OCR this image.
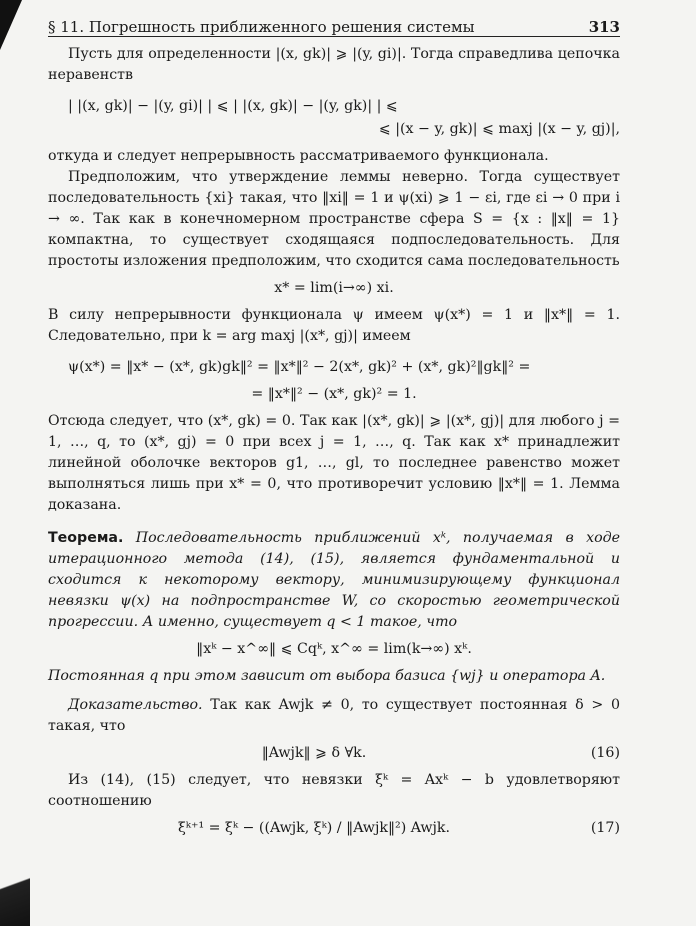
§ 11. Погрешность приближенного решения системы	313

Пусть для определенности |(x, gk)| ⩾ |(y, gi)|. Тогда справедлива цепочка неравенств

| |(x, gk)| − |(y, gi)| | ⩽ | |(x, gk)| − |(y, gk)| | ⩽
⩽ |(x − y, gk)| ⩽ maxj |(x − y, gj)|,

откуда и следует непрерывность рассматриваемого функционала.

Предположим, что утверждение леммы неверно. Тогда существует последовательность {xi} такая, что ‖xi‖ = 1 и ψ(xi) ⩾ 1 − εi, где εi → 0 при i → ∞. Так как в конечномерном пространстве сфера S = {x : ‖x‖ = 1} компактна, то существует сходящаяся подпоследовательность. Для простоты изложения предположим, что сходится сама последовательность

x* = lim(i→∞) xi.

В силу непрерывности функционала ψ имеем ψ(x*) = 1 и ‖x*‖ = 1. Следовательно, при k = arg maxj |(x*, gj)| имеем

ψ(x*) = ‖x* − (x*, gk)gk‖² = ‖x*‖² − 2(x*, gk)² + (x*, gk)²‖gk‖² =
= ‖x*‖² − (x*, gk)² = 1.

Отсюда следует, что (x*, gk) = 0. Так как |(x*, gk)| ⩾ |(x*, gj)| для любого j = 1, …, q, то (x*, gj) = 0 при всех j = 1, …, q. Так как x* принадлежит линейной оболочке векторов g1, …, gl, то последнее равенство может выполняться лишь при x* = 0, что противоречит условию ‖x*‖ = 1. Лемма доказана.

Теорема. Последовательность приближений xᵏ, получаемая в ходе итерационного метода (14), (15), является фундаментальной и сходится к некоторому вектору, минимизирующему функционал невязки ψ(x) на подпространстве W, со скоростью геометрической прогрессии. А именно, существует q < 1 такое, что

‖xᵏ − x^∞‖ ⩽ Cqᵏ, x^∞ = lim(k→∞) xᵏ.

Постоянная q при этом зависит от выбора базиса {wj} и оператора A.

Доказательство. Так как Awjk ≠ 0, то существует постоянная δ > 0 такая, что

‖Awjk‖ ⩾ δ ∀k.	(16)

Из (14), (15) следует, что невязки ξᵏ = Axᵏ − b удовлетворяют соотношению

ξᵏ⁺¹ = ξᵏ − ((Awjk, ξᵏ) / ‖Awjk‖²) Awjk.	(17)
